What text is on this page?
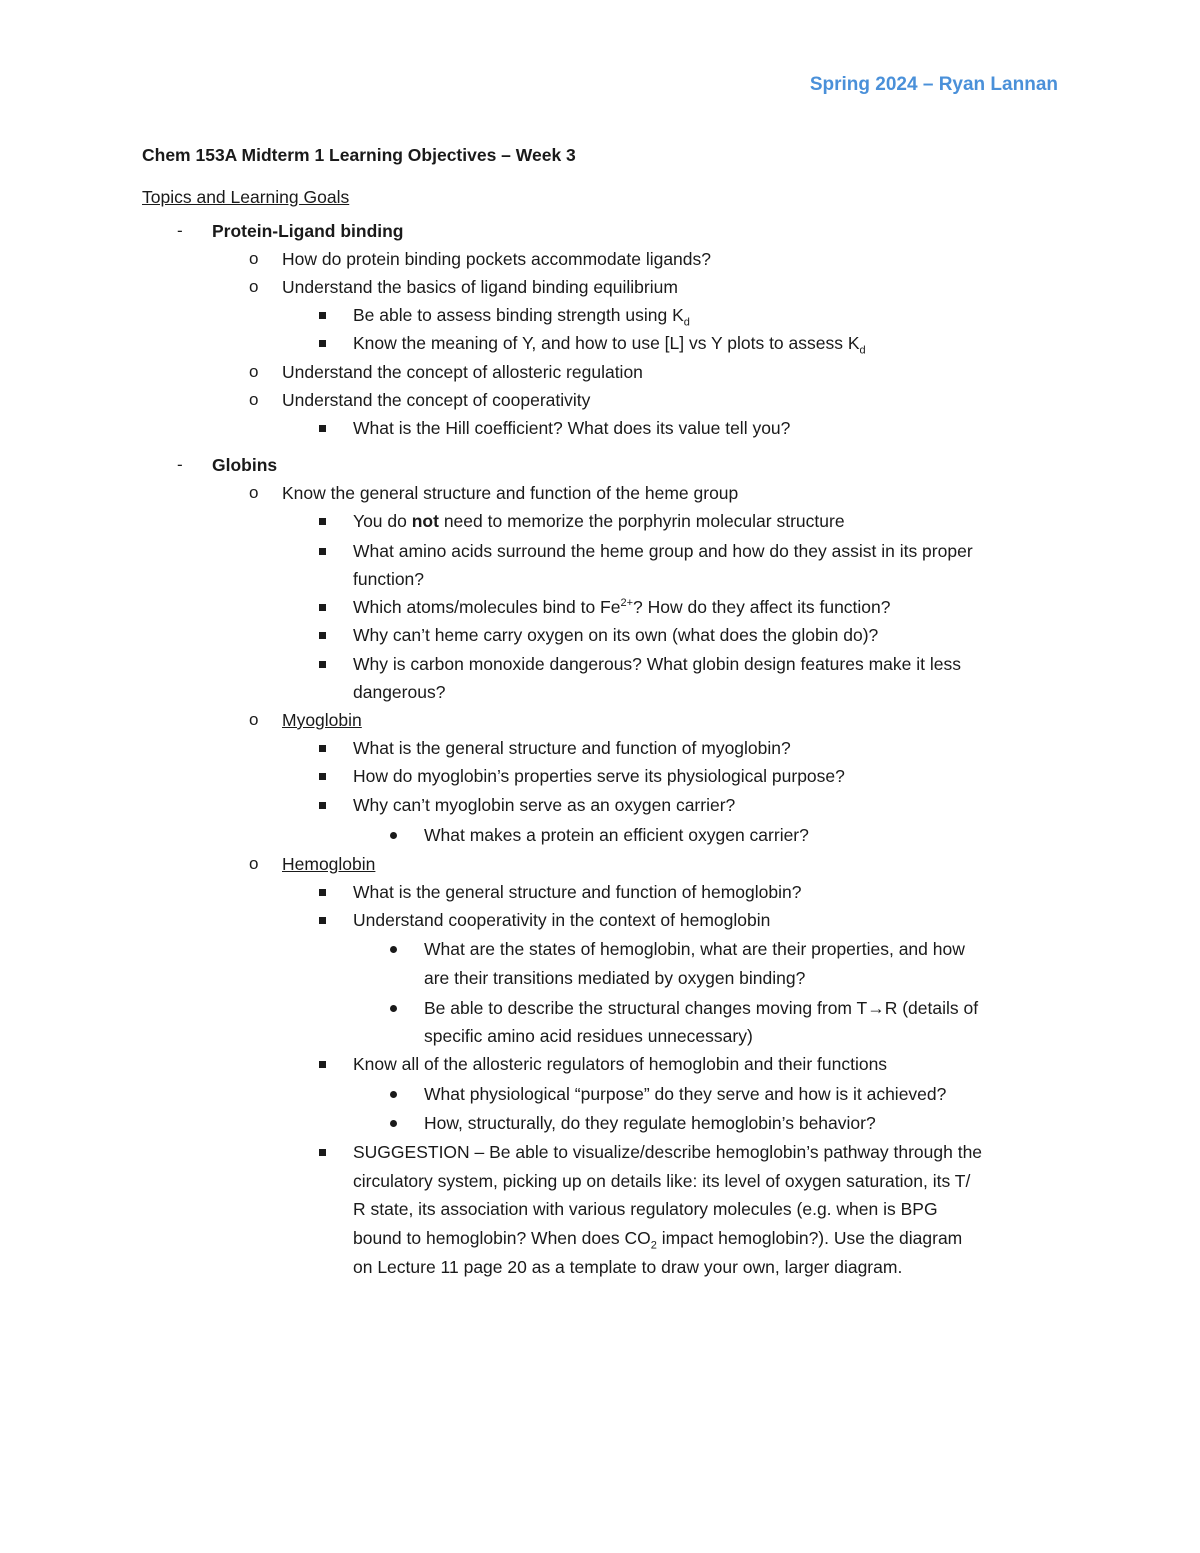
Spring 2024 – Ryan Lannan
Chem 153A Midterm 1 Learning Objectives – Week 3
Topics and Learning Goals
- Protein-Ligand binding
o How do protein binding pockets accommodate ligands?
o Understand the basics of ligand binding equilibrium
Be able to assess binding strength using $K_d$
Know the meaning of Y, and how to use [L] vs Y plots to assess $K_d$
o Understand the concept of allosteric regulation
o Understand the concept of cooperativity
What is the Hill coefficient? What does its value tell you?
- Globins
o Know the general structure and function of the heme group
You do not need to memorize the porphyrin molecular structure
What amino acids surround the heme group and how do they assist in its proper
function?
Which atoms/molecules bind to $Fe^{2+}$? How do they affect its function?
Why can’t heme carry oxygen on its own (what does the globin do)?
Why is carbon monoxide dangerous? What globin design features make it less
dangerous?
o Myoglobin
What is the general structure and function of myoglobin?
How do myoglobin’s properties serve its physiological purpose?
Why can’t myoglobin serve as an oxygen carrier?
What makes a protein an efficient oxygen carrier?
o Hemoglobin
What is the general structure and function of hemoglobin?
Understand cooperativity in the context of hemoglobin
What are the states of hemoglobin, what are their properties, and how
are their transitions mediated by oxygen binding?
Be able to describe the structural changes moving from T→R (details of
specific amino acid residues unnecessary)
Know all of the allosteric regulators of hemoglobin and their functions
What physiological “purpose” do they serve and how is it achieved?
How, structurally, do they regulate hemoglobin’s behavior?
SUGGESTION – Be able to visualize/describe hemoglobin’s pathway through the
circulatory system, picking up on details like: its level of oxygen saturation, its T/
R state, its association with various regulatory molecules (e.g. when is BPG
bound to hemoglobin? When does $CO_2$ impact hemoglobin?). Use the diagram
on Lecture 11 page 20 as a template to draw your own, larger diagram.
